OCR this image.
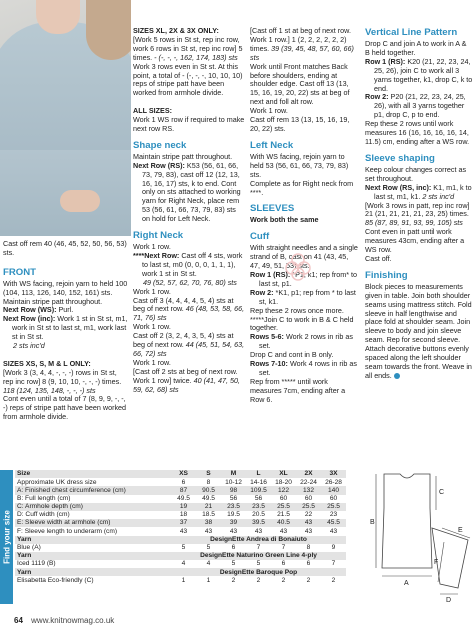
Cast off rem 40 (46, 45, 52, 50, 56, 53) sts.

FRONT

With WS facing, rejoin yarn to held 100 (104, 113, 126, 140, 152, 161) sts. Maintain stripe patt throughout.

Next Row (WS): Purl.
Next Row (inc): Work 1 st in St st, m1, work in St st to last st, m1, work last st in St st.

2 sts inc'd

SIZES XS, S, M & L ONLY:
[Work 3 (3, 4, 4, -, -, -) rows in St st, rep inc row] 8 (9, 10, 10, -, -, -) times. 118 (124, 135, 148, -, -, -) sts
Cont even until a total of 7 (8, 9, 9, -, -, -) reps of stripe patt have been worked from armhole divide.
SIZES XL, 2X & 3X ONLY:
[Work 5 rows in St st, rep inc row, work 6 rows in St st, rep inc row] 5 times. - (-, -, -, 162, 174, 183) sts

Work 3 rows even in St st. At this point, a total of - (-, -, -, 10, 10, 10) reps of stripe patt have been worked from armhole divide.

ALL SIZES:
Work 1 WS row if required to make next row RS.
Shape neck
Maintain stripe patt throughout.
Next Row (RS): K53 (56, 61, 66, 73, 79, 83), cast off 12 (12, 13, 16, 16, 17) sts, k to end. Cont only on sts attached to working yarn for Right Neck, place rem 53 (56, 61, 66, 73, 79, 83) sts on hold for Left Neck.
Right Neck
Work 1 row.
****Next Row: Cast off 4 sts, work to last st, m0 (0, 0, 0, 1, 1, 1), work 1 st in St st.
49 (52, 57, 62, 70, 76, 80) sts
Work 1 row.
Cast off 3 (4, 4, 4, 4, 5, 4) sts at beg of next row. 46 (48, 53, 58, 66, 71, 76) sts
Work 1 row.
Cast off 2 (3, 2, 4, 3, 5, 4) sts at beg of next row. 44 (45, 51, 54, 63, 66, 72) sts
Work 1 row.
[Cast off 2 sts at beg of next row. Work 1 row] twice. 40 (41, 47, 50, 59, 62, 68) sts
[Cast off 1 st at beg of next row. Work 1 row.] 1 (2, 2, 2, 2, 2, 2) times. 39 (39, 45, 48, 57, 60, 66) sts
Work until Front matches Back before shoulders, ending at shoulder edge. Cast off 13 (13, 15, 16, 19, 20, 22) sts at beg of next and foll alt row.
Work 1 row.
Cast off rem 13 (13, 15, 16, 19, 20, 22) sts.
Left Neck
With WS facing, rejoin yarn to held 53 (56, 61, 66, 73, 79, 83) sts.
Complete as for Right neck from ****.
SLEEVES
Work both the same
Cuff
With straight needles and a single strand of B, cast on 41 (43, 45, 47, 49, 51, 53) sts.
Row 1 (RS): *P1, k1; rep from* to last st, p1.
Row 2: *K1, p1; rep from * to last st, k1.
Rep these 2 rows once more. *****Join C to work in B & C held together.
Rows 5-6: Work 2 rows in rib as set.
Drop C and cont in B only.
Rows 7-10: Work 4 rows in rib as set.
Rep from ***** until work measures 7cm, ending after a Row 6.
Vertical Line Pattern
Drop C and join A to work in A & B held together.
Row 1 (RS): K20 (21, 22, 23, 24, 25, 26), join C to work all 3 yarns together, k1, drop C, k to end.
Row 2: P20 (21, 22, 23, 24, 25, 26), with all 3 yarns together p1, drop C, p to end.
Rep these 2 rows until work measures 16 (16, 16, 16, 16, 14, 11.5) cm, ending after a WS row.
Sleeve shaping
Keep colour changes correct as set throughout.
Next Row (RS, inc): K1, m1, k to last st, m1, k1. 2 sts inc'd
[Work 3 rows in patt, rep inc row] 21 (21, 21, 21, 21, 23, 25) times. 85 (87, 89, 91, 93, 99, 105) sts
Cont even in patt until work measures 43cm, ending after a WS row.
Cast off.
Finishing
Block pieces to measurements given in table. Join both shoulder seams using mattress stitch. Fold sleeve in half lengthwise and place fold at shoulder seam. Join sleeve to body and join sleeve seam. Rep for second sleeve. Attach decorative buttons evenly spaced along the left shoulder seam towards the front. Weave in all ends.
Find your size
Size	XS	S	M	L	XL	2X	3X
Approximate UK dress size	6	8	10-12	14-16	18-20	22-24	26-28
A: Finished chest circumference (cm)	87	90.5	98	109.5	122	132	140
B: Full length (cm)	49.5	49.5	56	56	60	60	60
C: Armhole depth (cm)	19	21	23.5	23.5	25.5	25.5	25.5
D: Cuff width (cm)	18	18.5	19.5	20.5	21.5	22	23
E: Sleeve width at armhole (cm)	37	38	39	39.5	40.5	43	45.5
F: Sleeve length to underarm (cm)	43	43	43	43	43	43	43
Yarn	DesignEtte Andrea di Bonaiuto						
Blue (A)	5	5	6	7	7	8	9
Yarn	DesignEtte Naturino Green Line 4-ply						
Iced 1119 (B)	4	4	5	5	6	6	7
Yarn	DesignEtte Baroque Pop						
Elisabetta Eco-friendly (C)	1	1	2	2	2	2	2
B
C
A
E
F
D
64 www.knitnowmag.co.uk
